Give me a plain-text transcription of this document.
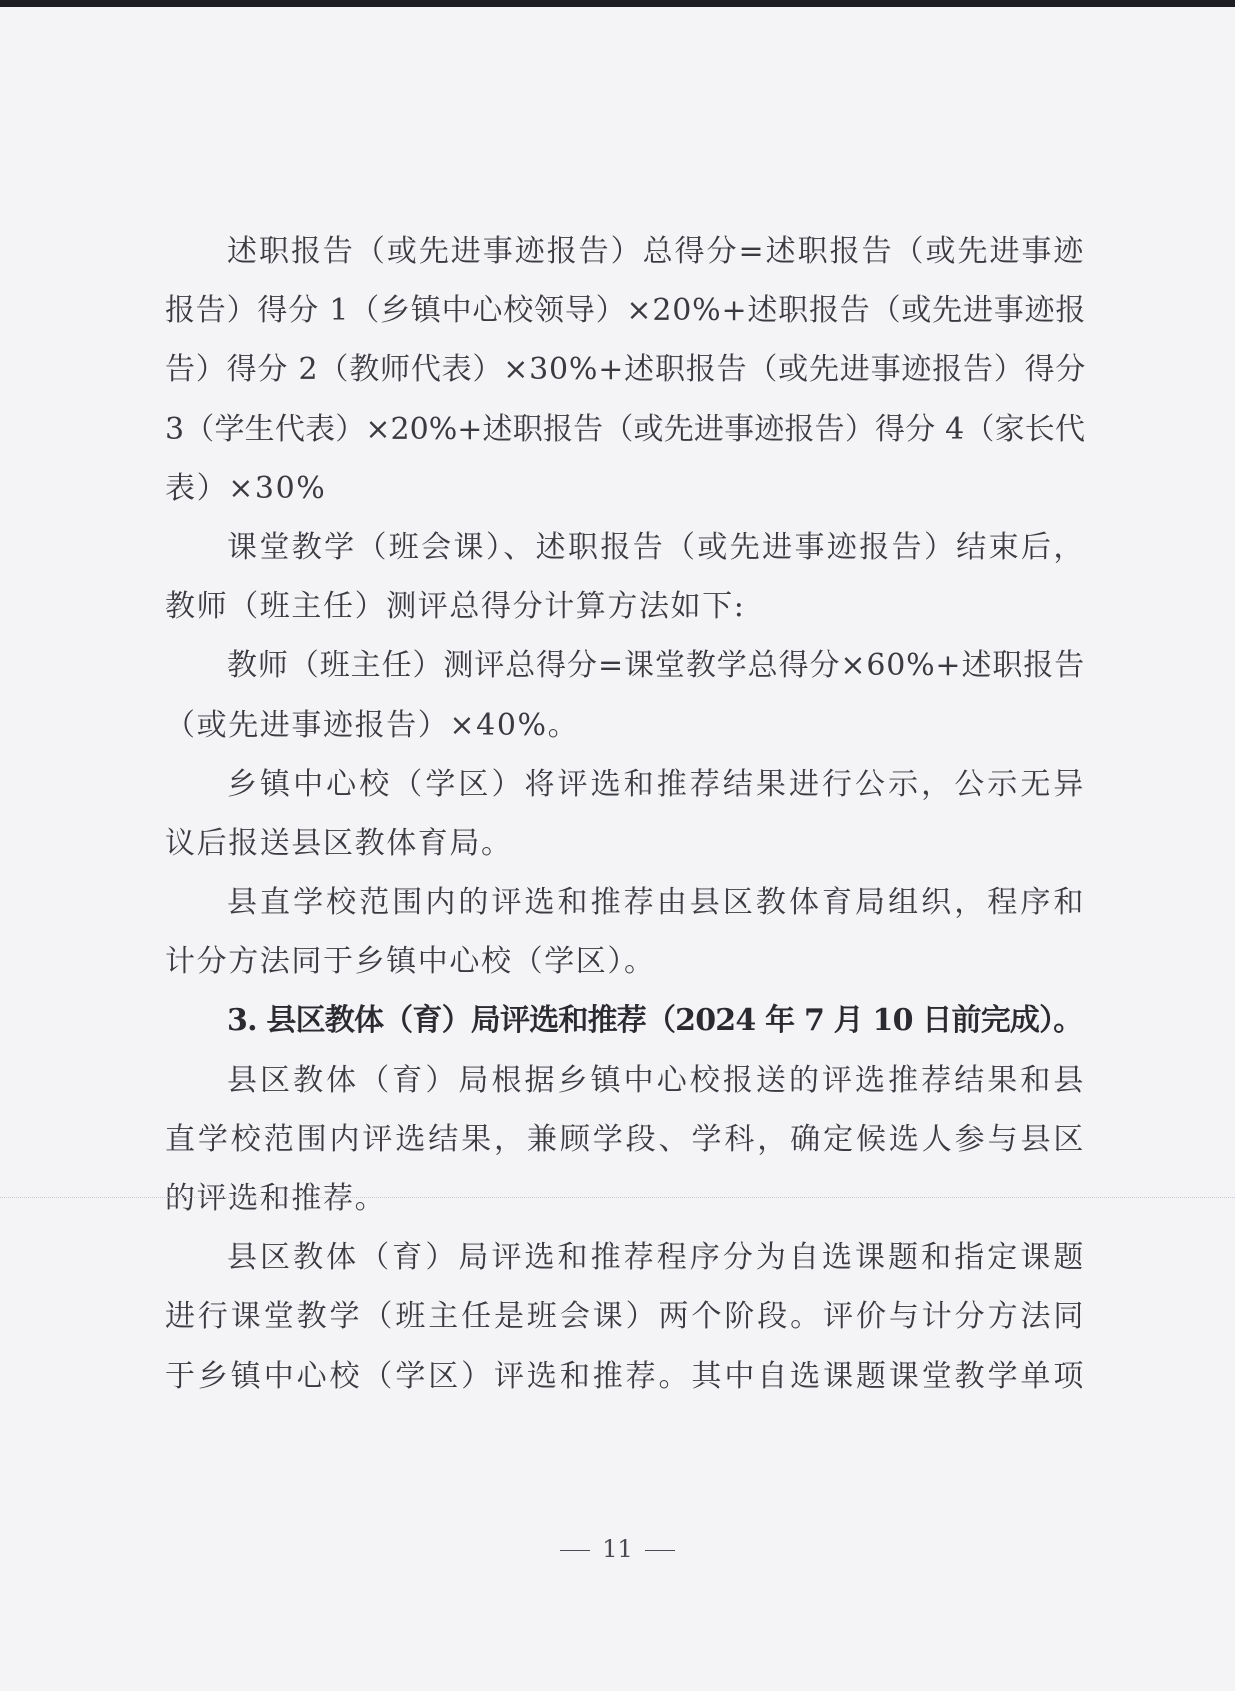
述职报告（或先进事迹报告）总得分=述职报告（或先进事迹
报告）得分 1（乡镇中心校领导）×20%+述职报告（或先进事迹报
告）得分 2（教师代表）×30%+述职报告（或先进事迹报告）得分
3（学生代表）×20%+述职报告（或先进事迹报告）得分 4（家长代
表）×30%
课堂教学（班会课）、述职报告（或先进事迹报告）结束后，
教师（班主任）测评总得分计算方法如下:
教师（班主任）测评总得分=课堂教学总得分×60%+述职报告
（或先进事迹报告）×40%。
乡镇中心校（学区）将评选和推荐结果进行公示，公示无异
议后报送县区教体育局。
县直学校范围内的评选和推荐由县区教体育局组织，程序和
计分方法同于乡镇中心校（学区）。
3. 县区教体（育）局评选和推荐（2024 年 7 月 10 日前完成）。
县区教体（育）局根据乡镇中心校报送的评选推荐结果和县
直学校范围内评选结果，兼顾学段、学科，确定候选人参与县区
的评选和推荐。
县区教体（育）局评选和推荐程序分为自选课题和指定课题
进行课堂教学（班主任是班会课）两个阶段。评价与计分方法同
于乡镇中心校（学区）评选和推荐。其中自选课题课堂教学单项
11
